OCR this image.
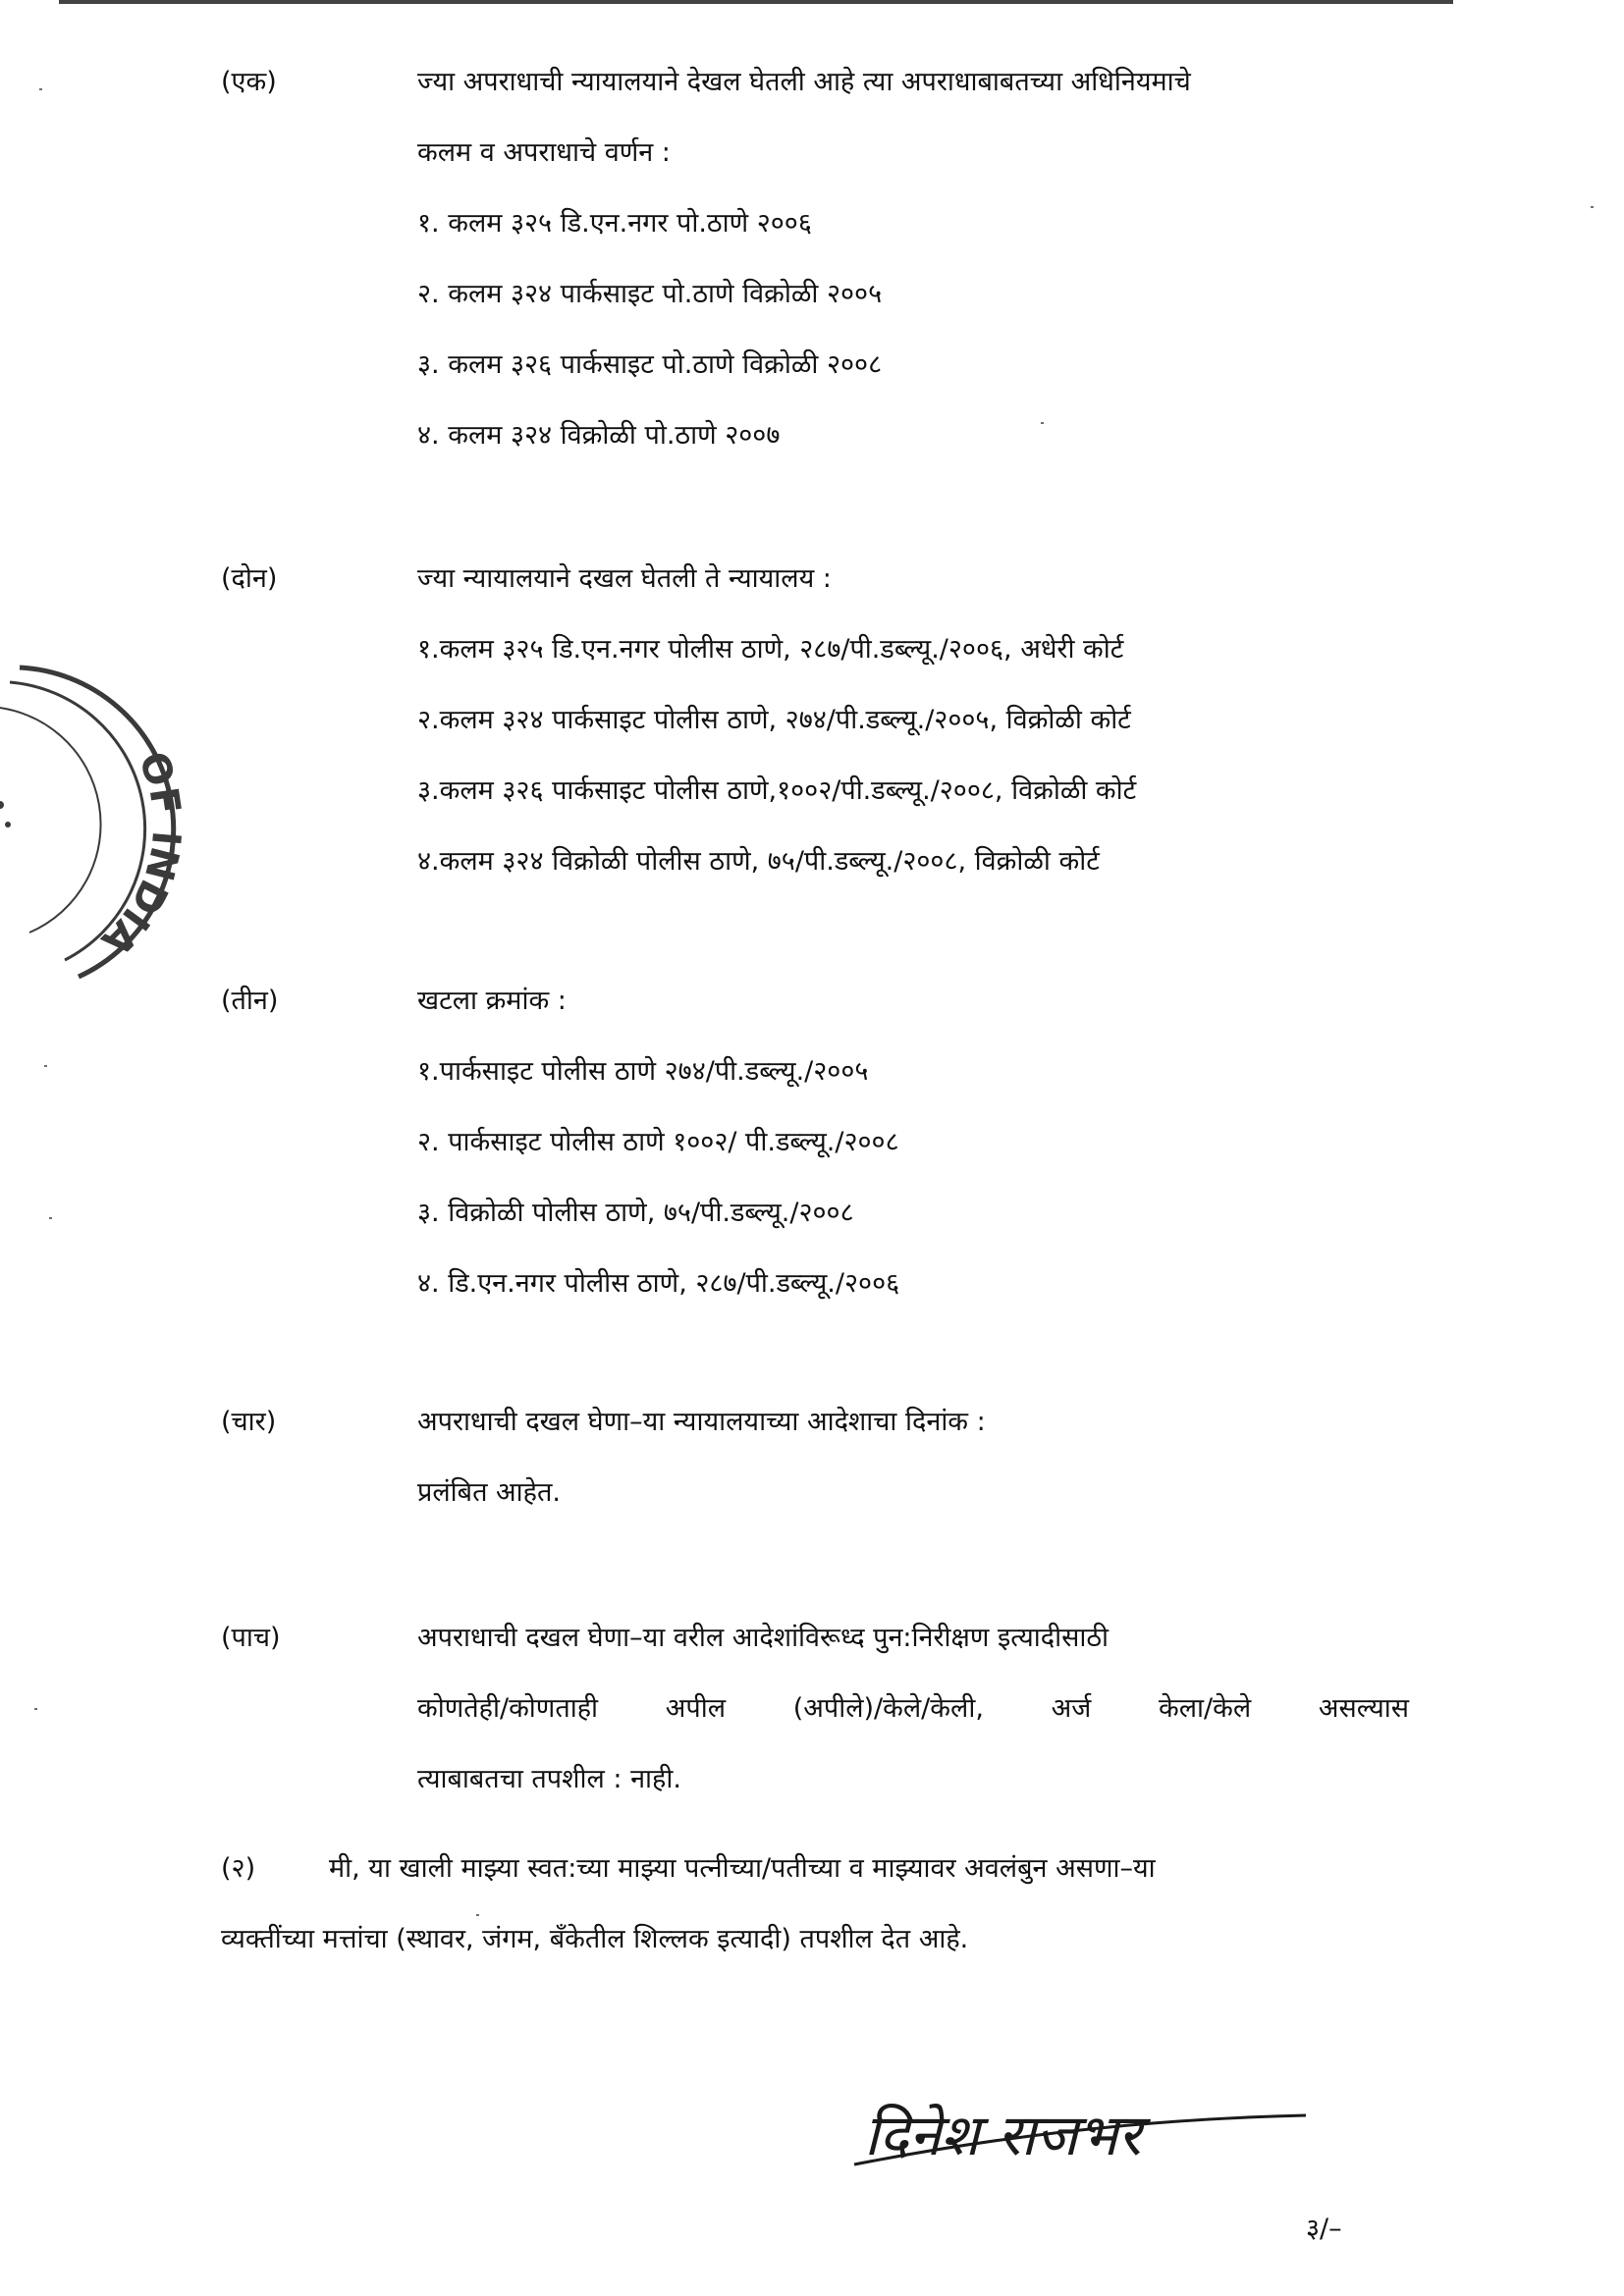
(एक)	ज्या अपराधाची न्यायालयाने देखल घेतली आहे त्या अपराधाबाबतच्या अधिनियमाचे
कलम व अपराधाचे वर्णन :
१. कलम ३२५ डि.एन.नगर पो.ठाणे २००६
२. कलम ३२४ पार्कसाइट पो.ठाणे विक्रोळी २००५
३. कलम ३२६ पार्कसाइट पो.ठाणे विक्रोळी २००८
४. कलम ३२४ विक्रोळी पो.ठाणे २००७
(दोन)	ज्या न्यायालयाने दखल घेतली ते न्यायालय :
१.कलम ३२५ डि.एन.नगर पोलीस ठाणे, २८७/पी.डब्ल्यू./२००६, अधेरी कोर्ट
२.कलम ३२४ पार्कसाइट पोलीस ठाणे, २७४/पी.डब्ल्यू./२००५, विक्रोळी कोर्ट
३.कलम ३२६ पार्कसाइट पोलीस ठाणे,१००२/पी.डब्ल्यू./२००८, विक्रोळी कोर्ट
४.कलम ३२४ विक्रोळी पोलीस ठाणे, ७५/पी.डब्ल्यू./२००८, विक्रोळी कोर्ट
(तीन)	खटला क्रमांक :
१.पार्कसाइट पोलीस ठाणे २७४/पी.डब्ल्यू./२००५
२. पार्कसाइट पोलीस ठाणे १००२/ पी.डब्ल्यू./२००८
३. विक्रोळी पोलीस ठाणे, ७५/पी.डब्ल्यू./२००८
४. डि.एन.नगर पोलीस ठाणे, २८७/पी.डब्ल्यू./२००६
(चार)	अपराधाची दखल घेणा–या न्यायालयाच्या आदेशाचा दिनांक :
प्रलंबित आहेत.
(पाच)	अपराधाची दखल घेणा–या वरील आदेशांविरूध्द पुन:निरीक्षण इत्यादीसाठी
कोणतेही/कोणताही अपील (अपीले)/केले/केली, अर्ज केला/केले असल्यास
त्याबाबतचा तपशील : नाही.
(२)	मी, या खाली माझ्या स्वत:च्या माझ्या पत्नीच्या/पतीच्या व माझ्यावर अवलंबुन असणा–या
व्यक्तींच्या मत्तांचा (स्थावर, जंगम, बँकेतील शिल्लक इत्यादी) तपशील देत आहे.
OF INDIA
दिनेश राजभर
३/–
